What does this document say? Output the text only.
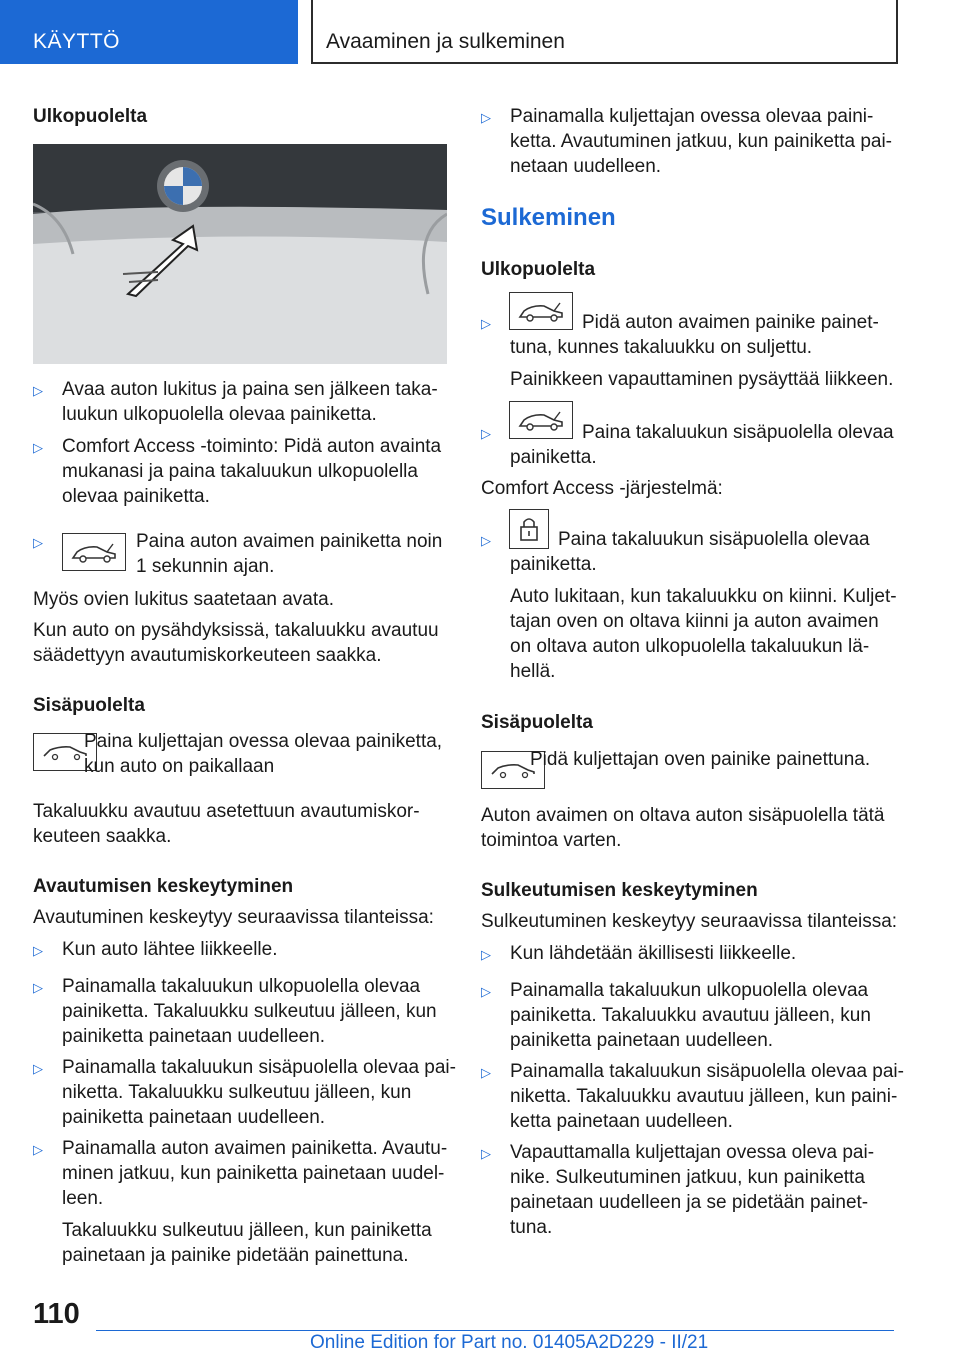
KÄYTTÖ	Avaaminen ja sulkeminen
Ulkopuolelta
▷ Avaa auton lukitus ja paina sen jälkeen taka-
luukun ulkopuolella olevaa painiketta.
▷ Comfort Access -toiminto: Pidä auton avainta
mukanasi ja paina takaluukun ulkopuolella
olevaa painiketta.
▷	Paina auton avaimen painiketta noin
1 sekunnin ajan.
Myös ovien lukitus saatetaan avata.
Kun auto on pysähdyksissä, takaluukku avautuu
säädettyyn avautumiskorkeuteen saakka.
Sisäpuolelta
Paina kuljettajan ovessa olevaa painiketta,
kun auto on paikallaan
Takaluukku avautuu asetettuun avautumiskor-
keuteen saakka.
Avautumisen keskeytyminen
Avautuminen keskeytyy seuraavissa tilanteissa:
▷ Kun auto lähtee liikkeelle.
▷ Painamalla takaluukun ulkopuolella olevaa
painiketta. Takaluukku sulkeutuu jälleen, kun
painiketta painetaan uudelleen.
▷ Painamalla takaluukun sisäpuolella olevaa pai-
niketta. Takaluukku sulkeutuu jälleen, kun
painiketta painetaan uudelleen.
▷ Painamalla auton avaimen painiketta. Avautu-
minen jatkuu, kun painiketta painetaan uudel-
leen.
Takaluukku sulkeutuu jälleen, kun painiketta
painetaan ja painike pidetään painettuna.
▷ Painamalla kuljettajan ovessa olevaa paini-
ketta. Avautuminen jatkuu, kun painiketta pai-
netaan uudelleen.
Sulkeminen
Ulkopuolelta
▷	Pidä auton avaimen painike painet-
tuna, kunnes takaluukku on suljettu.
Painikkeen vapauttaminen pysäyttää liikkeen.
▷	Paina takaluukun sisäpuolella olevaa
painiketta.
Comfort Access -järjestelmä:
▷	Paina takaluukun sisäpuolella olevaa
painiketta.
Auto lukitaan, kun takaluukku on kiinni. Kuljet-
tajan oven on oltava kiinni ja auton avaimen
on oltava auton ulkopuolella takaluukun lä-
hellä.
Sisäpuolelta
Pidä kuljettajan oven painike painettuna.
Auton avaimen on oltava auton sisäpuolella tätä
toimintoa varten.
Sulkeutumisen keskeytyminen
Sulkeutuminen keskeytyy seuraavissa tilanteissa:
▷ Kun lähdetään äkillisesti liikkeelle.
▷ Painamalla takaluukun ulkopuolella olevaa
painiketta. Takaluukku avautuu jälleen, kun
painiketta painetaan uudelleen.
▷ Painamalla takaluukun sisäpuolella olevaa pai-
niketta. Takaluukku avautuu jälleen, kun paini-
ketta painetaan uudelleen.
▷ Vapauttamalla kuljettajan ovessa oleva pai-
nike. Sulkeutuminen jatkuu, kun painiketta
painetaan uudelleen ja se pidetään painet-
tuna.
110
Online Edition for Part no. 01405A2D229 - II/21
